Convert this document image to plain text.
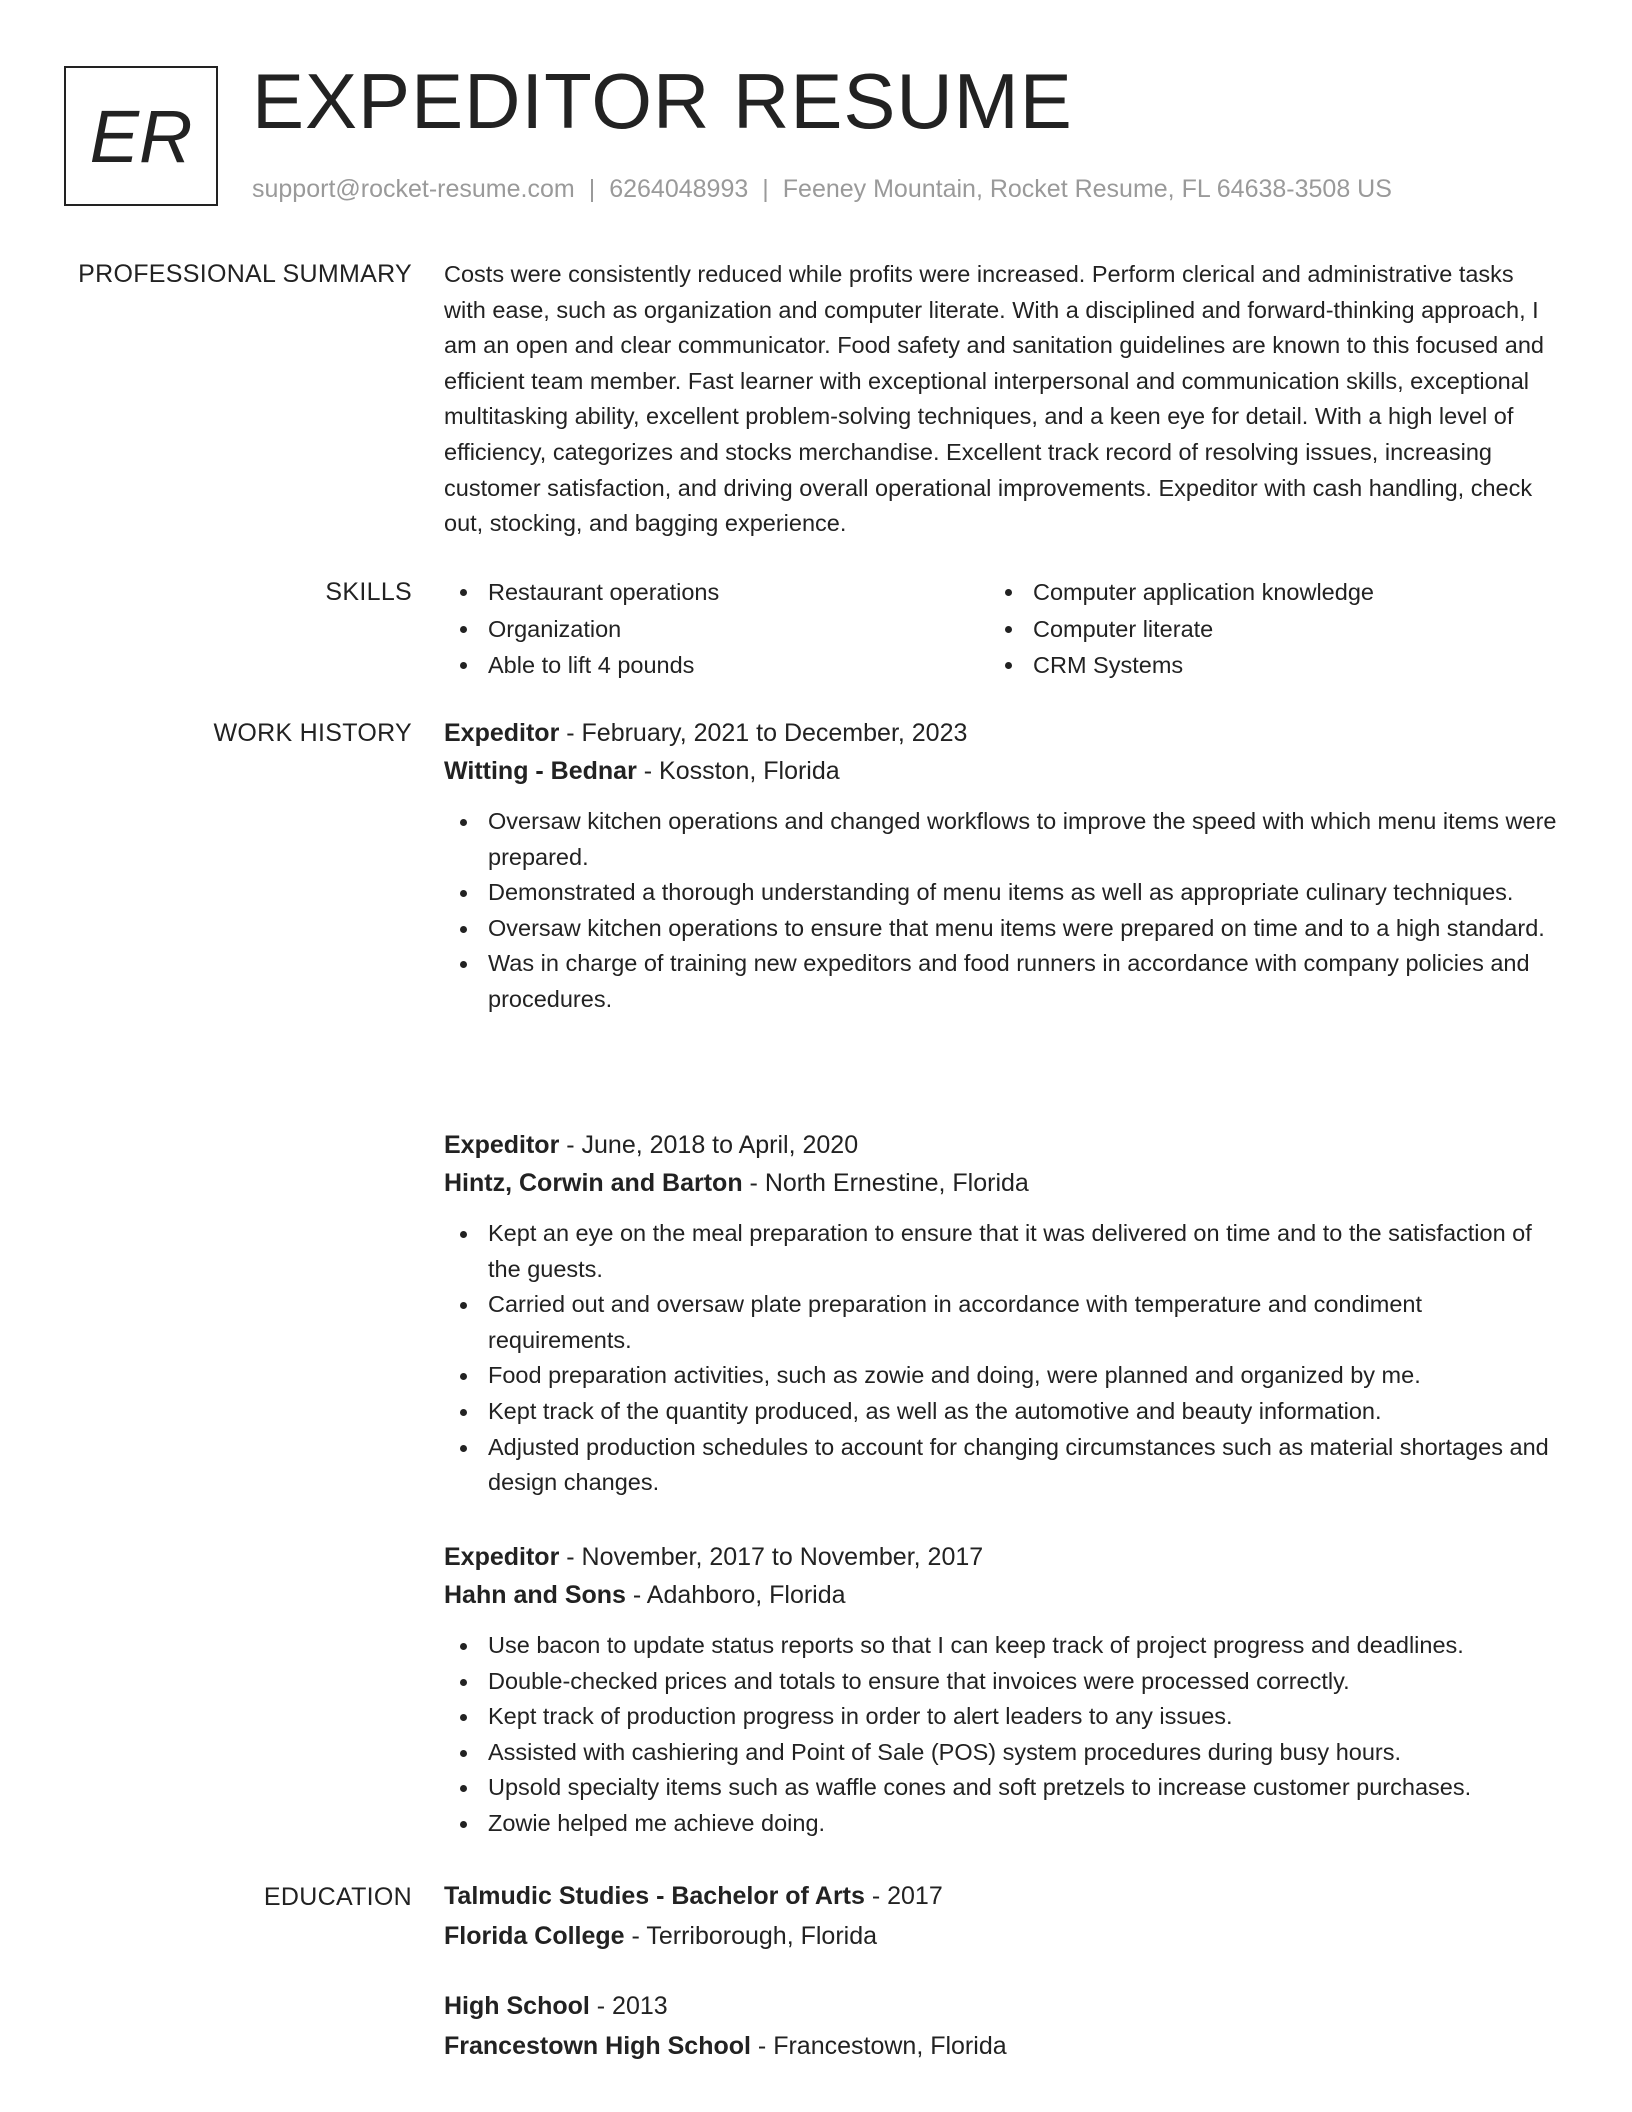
ER EXPEDITOR RESUME
support@rocket-resume.com | 6264048993 | Feeney Mountain, Rocket Resume, FL 64638-3508 US
PROFESSIONAL SUMMARY Costs were consistently reduced while profits were increased. Perform clerical and administrative tasks with ease, such as organization and computer literate. With a disciplined and forward-thinking approach, I am an open and clear communicator. Food safety and sanitation guidelines are known to this focused and efficient team member. Fast learner with exceptional interpersonal and communication skills, exceptional multitasking ability, excellent problem-solving techniques, and a keen eye for detail. With a high level of efficiency, categorizes and stocks merchandise. Excellent track record of resolving issues, increasing customer satisfaction, and driving overall operational improvements. Expeditor with cash handling, check out, stocking, and bagging experience.

SKILLS	Restaurant operations
Organization
Able to lift 4 pounds
Computer application knowledge
Computer literate
CRM Systems
WORK HISTORY Expeditor - February, 2021 to December, 2023
Witting - Bednar - Kosston, Florida
Oversaw kitchen operations and changed workflows to improve the speed with which menu items were prepared.
Demonstrated a thorough understanding of menu items as well as appropriate culinary techniques.
Oversaw kitchen operations to ensure that menu items were prepared on time and to a high standard.
Was in charge of training new expeditors and food runners in accordance with company policies and procedures.
Expeditor - June, 2018 to April, 2020
Hintz, Corwin and Barton - North Ernestine, Florida
Kept an eye on the meal preparation to ensure that it was delivered on time and to the satisfaction of the guests.
Carried out and oversaw plate preparation in accordance with temperature and condiment requirements.
Food preparation activities, such as zowie and doing, were planned and organized by me.
Kept track of the quantity produced, as well as the automotive and beauty information.
Adjusted production schedules to account for changing circumstances such as material shortages and design changes.
Expeditor - November, 2017 to November, 2017
Hahn and Sons - Adahboro, Florida
Use bacon to update status reports so that I can keep track of project progress and deadlines.
Double-checked prices and totals to ensure that invoices were processed correctly.
Kept track of production progress in order to alert leaders to any issues.
Assisted with cashiering and Point of Sale (POS) system procedures during busy hours.
Upsold specialty items such as waffle cones and soft pretzels to increase customer purchases.
Zowie helped me achieve doing.
EDUCATION Talmudic Studies - Bachelor of Arts - 2017
Florida College - Terriborough, Florida
High School - 2013
Francestown High School - Francestown, Florida
